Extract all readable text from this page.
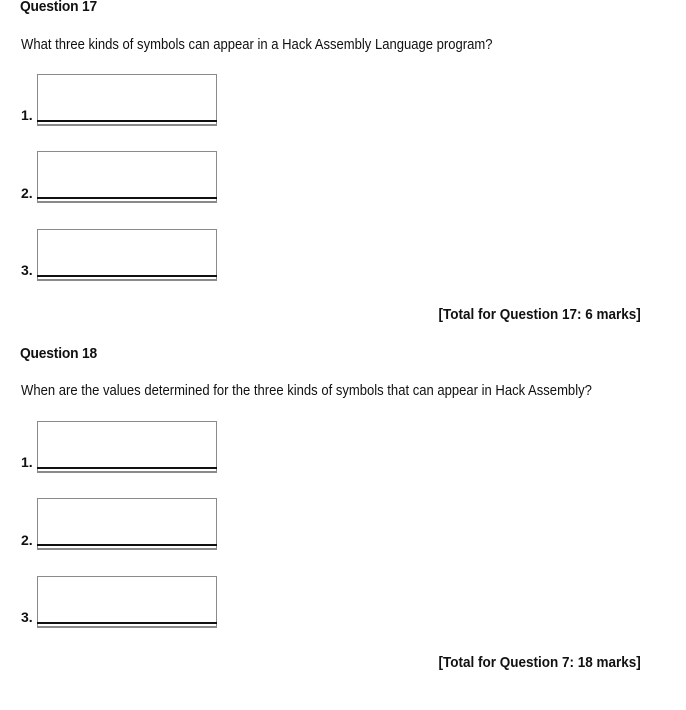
Question 17
What three kinds of symbols can appear in a Hack Assembly Language program?
1.
2.
3.
[Total for Question 17: 6 marks]
Question 18
When are the values determined for the three kinds of symbols that can appear in Hack Assembly?
1.
2.
3.
[Total for Question 7: 18 marks]
